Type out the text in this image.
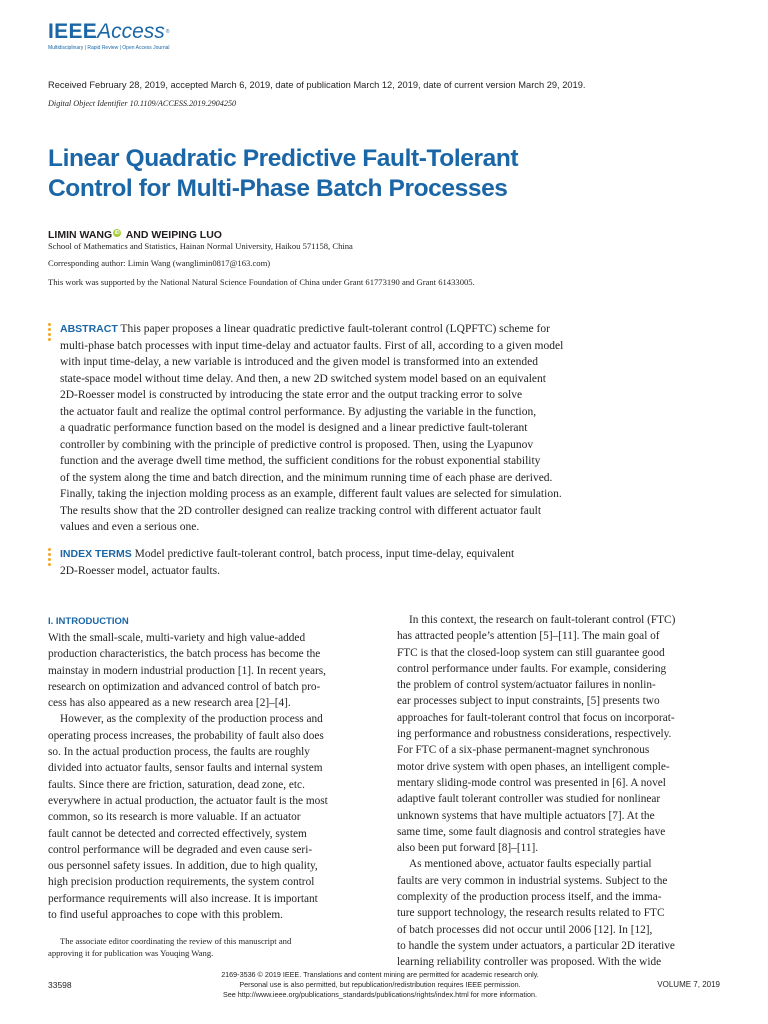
IEEEAccess®
Multidisciplinary | Rapid Review | Open Access Journal
Received February 28, 2019, accepted March 6, 2019, date of publication March 12, 2019, date of current version March 29, 2019.
Digital Object Identifier 10.1109/ACCESS.2019.2904250
Linear Quadratic Predictive Fault-Tolerant
Control for Multi-Phase Batch Processes
LIMIN WANG iD AND WEIPING LUO
School of Mathematics and Statistics, Hainan Normal University, Haikou 571158, China
Corresponding author: Limin Wang (wanglimin0817@163.com)
This work was supported by the National Natural Science Foundation of China under Grant 61773190 and Grant 61433005.
ABSTRACT This paper proposes a linear quadratic predictive fault-tolerant control (LQPFTC) scheme for
multi-phase batch processes with input time-delay and actuator faults. First of all, according to a given model
with input time-delay, a new variable is introduced and the given model is transformed into an extended
state-space model without time delay. And then, a new 2D switched system model based on an equivalent
2D-Roesser model is constructed by introducing the state error and the output tracking error to solve
the actuator fault and realize the optimal control performance. By adjusting the variable in the function,
a quadratic performance function based on the model is designed and a linear predictive fault-tolerant
controller by combining with the principle of predictive control is proposed. Then, using the Lyapunov
function and the average dwell time method, the sufficient conditions for the robust exponential stability
of the system along the time and batch direction, and the minimum running time of each phase are derived.
Finally, taking the injection molding process as an example, different fault values are selected for simulation.
The results show that the 2D controller designed can realize tracking control with different actuator fault
values and even a serious one.
INDEX TERMS Model predictive fault-tolerant control, batch process, input time-delay, equivalent
2D-Roesser model, actuator faults.
I. INTRODUCTION
With the small-scale, multi-variety and high value-added
production characteristics, the batch process has become the
mainstay in modern industrial production [1]. In recent years,
research on optimization and advanced control of batch pro-
cess has also appeared as a new research area [2]–[4].
However, as the complexity of the production process and
operating process increases, the probability of fault also does
so. In the actual production process, the faults are roughly
divided into actuator faults, sensor faults and internal system
faults. Since there are friction, saturation, dead zone, etc.
everywhere in actual production, the actuator fault is the most
common, so its research is more valuable. If an actuator
fault cannot be detected and corrected effectively, system
control performance will be degraded and even cause seri-
ous personnel safety issues. In addition, due to high quality,
high precision production requirements, the system control
performance requirements will also increase. It is important
to find useful approaches to cope with this problem.
The associate editor coordinating the review of this manuscript and
approving it for publication was Youqing Wang.
In this context, the research on fault-tolerant control (FTC)
has attracted people’s attention [5]–[11]. The main goal of
FTC is that the closed-loop system can still guarantee good
control performance under faults. For example, considering
the problem of control system/actuator failures in nonlin-
ear processes subject to input constraints, [5] presents two
approaches for fault-tolerant control that focus on incorporat-
ing performance and robustness considerations, respectively.
For FTC of a six-phase permanent-magnet synchronous
motor drive system with open phases, an intelligent comple-
mentary sliding-mode control was presented in [6]. A novel
adaptive fault tolerant controller was studied for nonlinear
unknown systems that have multiple actuators [7]. At the
same time, some fault diagnosis and control strategies have
also been put forward [8]–[11].
As mentioned above, actuator faults especially partial
faults are very common in industrial systems. Subject to the
complexity of the production process itself, and the imma-
ture support technology, the research results related to FTC
of batch processes did not occur until 2006 [12]. In [12],
to handle the system under actuators, a particular 2D iterative
learning reliability controller was proposed. With the wide
33598
2169-3536 © 2019 IEEE. Translations and content mining are permitted for academic research only.
Personal use is also permitted, but republication/redistribution requires IEEE permission.
See http://www.ieee.org/publications_standards/publications/rights/index.html for more information.
VOLUME 7, 2019
